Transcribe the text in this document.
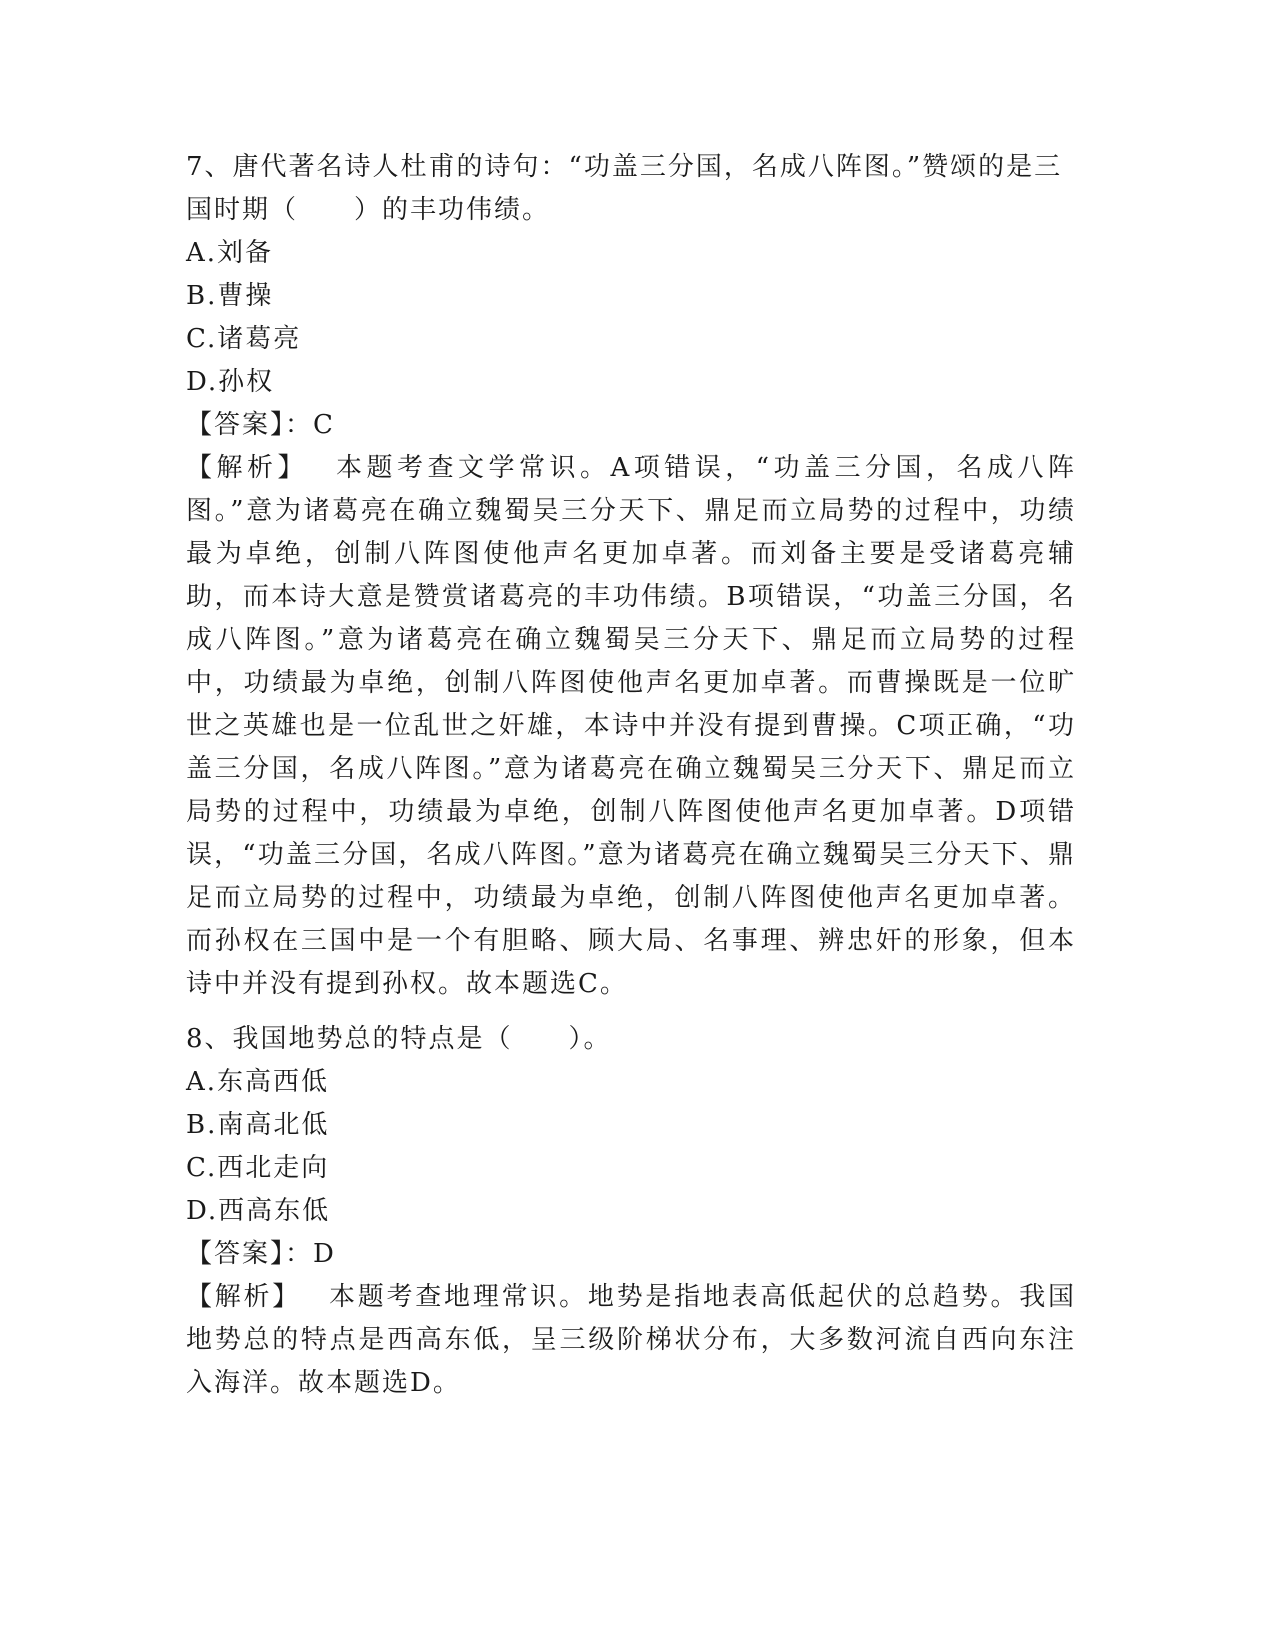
7、唐代著名诗人杜甫的诗句：“功盖三分国，名成八阵图。”赞颂的是三国时期（　　）的丰功伟绩。
A.刘备
B.曹操
C.诸葛亮
D.孙权
【答案】：C
【解析】 本题考查文学常识。A项错误，“功盖三分国，名成八阵图。”意为诸葛亮在确立魏蜀吴三分天下、鼎足而立局势的过程中，功绩最为卓绝，创制八阵图使他声名更加卓著。而刘备主要是受诸葛亮辅助，而本诗大意是赞赏诸葛亮的丰功伟绩。B项错误，“功盖三分国，名成八阵图。”意为诸葛亮在确立魏蜀吴三分天下、鼎足而立局势的过程中，功绩最为卓绝，创制八阵图使他声名更加卓著。而曹操既是一位旷世之英雄也是一位乱世之奸雄，本诗中并没有提到曹操。C项正确，“功盖三分国，名成八阵图。”意为诸葛亮在确立魏蜀吴三分天下、鼎足而立局势的过程中，功绩最为卓绝，创制八阵图使他声名更加卓著。D项错误，“功盖三分国，名成八阵图。”意为诸葛亮在确立魏蜀吴三分天下、鼎足而立局势的过程中，功绩最为卓绝，创制八阵图使他声名更加卓著。而孙权在三国中是一个有胆略、顾大局、名事理、辨忠奸的形象，但本诗中并没有提到孙权。故本题选C。
8、我国地势总的特点是（　　）。
A.东高西低
B.南高北低
C.西北走向
D.西高东低
【答案】：D
【解析】 本题考查地理常识。地势是指地表高低起伏的总趋势。我国地势总的特点是西高东低，呈三级阶梯状分布，大多数河流自西向东注入海洋。故本题选D。
